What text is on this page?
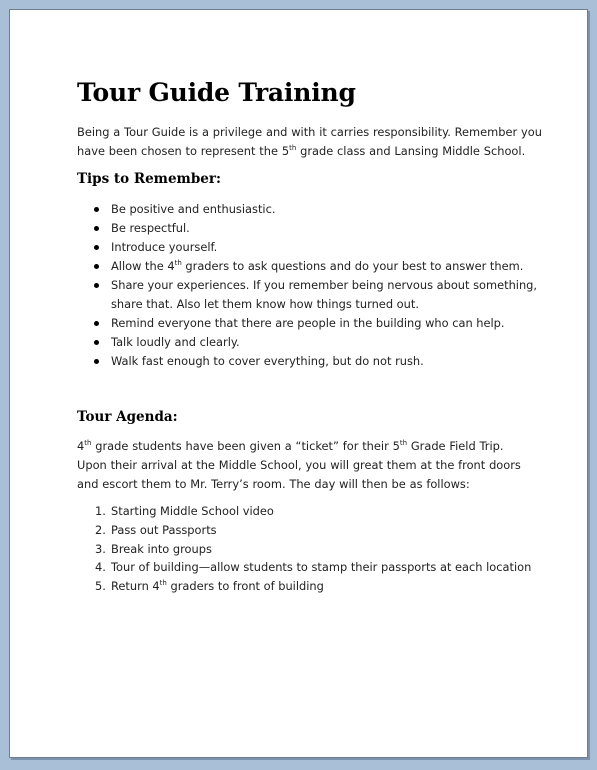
Tour Guide Training

Being a Tour Guide is a privilege and with it carries responsibility. Remember you have been chosen to represent the 5th grade class and Lansing Middle School.

Tips to Remember:
Be positive and enthusiastic.
Be respectful.
Introduce yourself.
Allow the 4th graders to ask questions and do your best to answer them.
Share your experiences. If you remember being nervous about something, share that. Also let them know how things turned out.
Remind everyone that there are people in the building who can help.
Talk loudly and clearly.
Walk fast enough to cover everything, but do not rush.
Tour Agenda:

4th grade students have been given a “ticket” for their 5th Grade Field Trip. Upon their arrival at the Middle School, you will great them at the front doors and escort them to Mr. Terry’s room. The day will then be as follows:

1. Starting Middle School video
2. Pass out Passports
3. Break into groups
4. Tour of building—allow students to stamp their passports at each location
5. Return 4th graders to front of building
